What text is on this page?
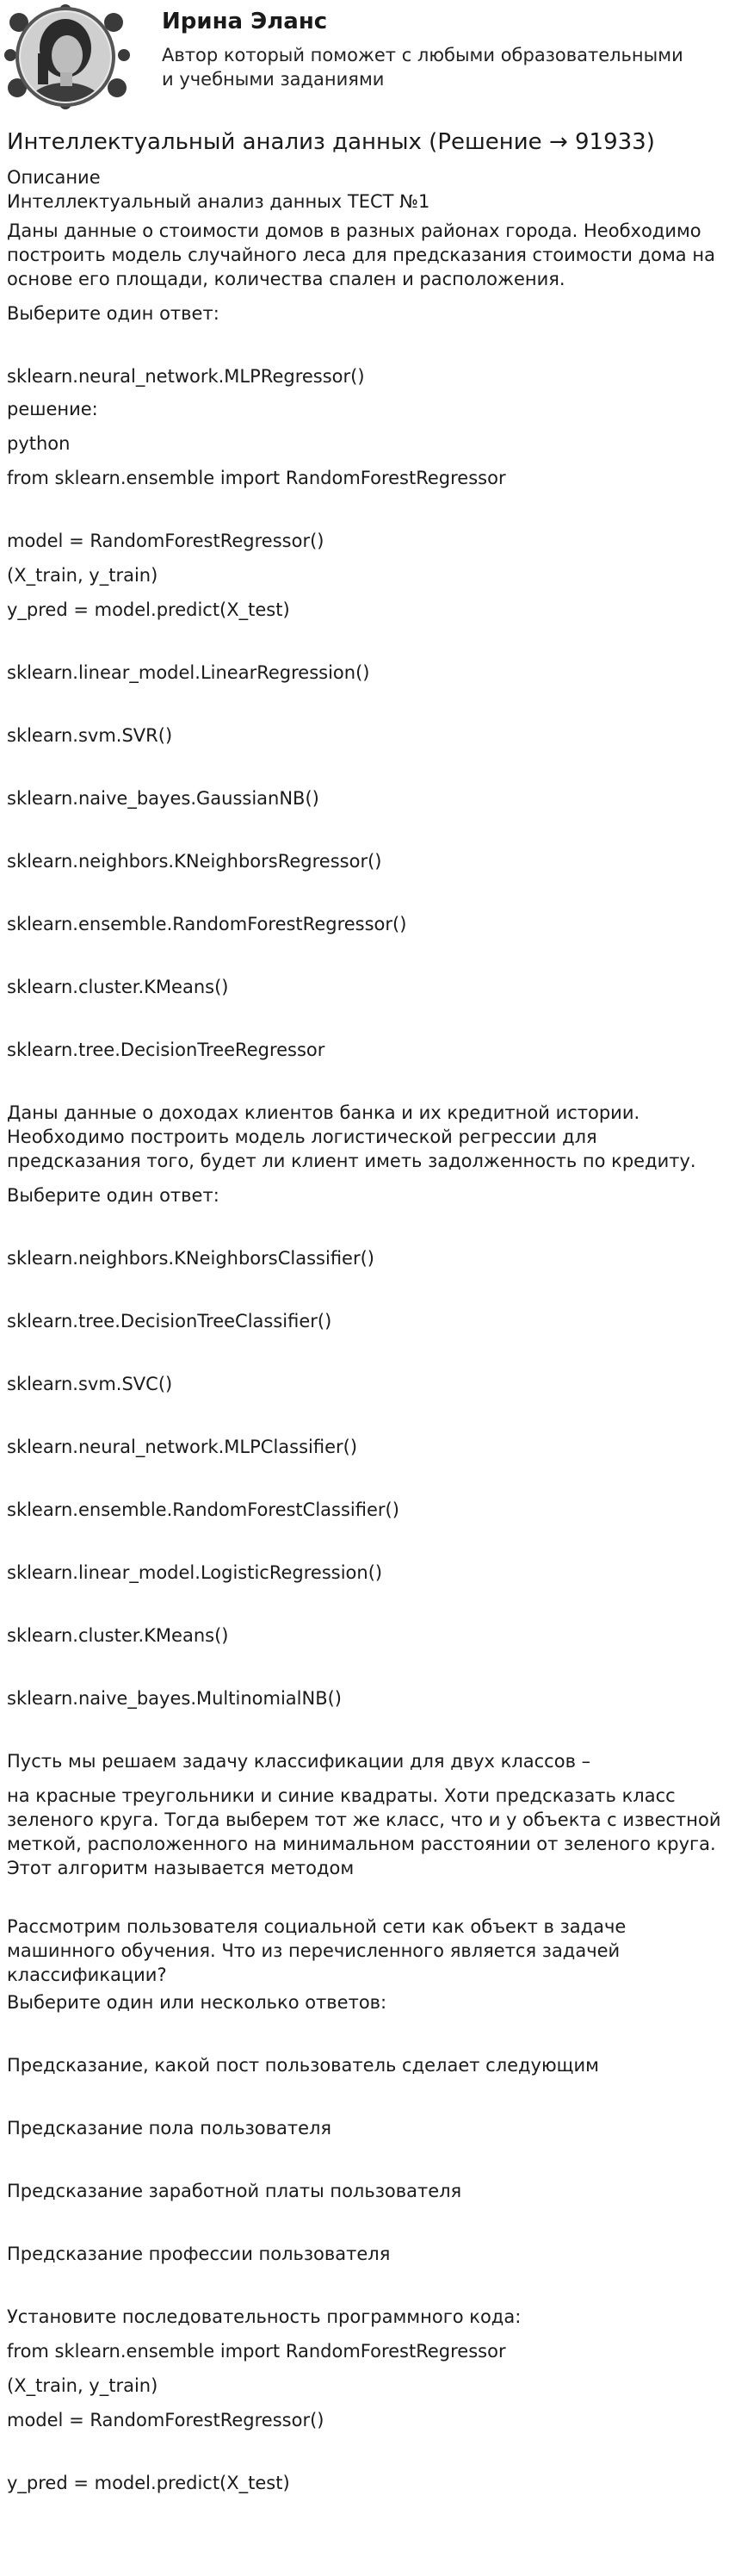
Ирина Эланс
Автор который поможет с любыми образовательными и учебными заданиями
Интеллектуальный анализ данных (Решение → 91933)
Описание
Интеллектуальный анализ данных ТЕСТ №1
Даны данные о стоимости домов в разных районах города. Необходимо построить модель случайного леса для предсказания стоимости дома на основе его площади, количества спален и расположения.
Выберите один ответ:
sklearn.neural_network.MLPRegressor()
решение:
python
from sklearn.ensemble import RandomForestRegressor
model = RandomForestRegressor()
(X_train, y_train)
y_pred = model.predict(X_test)
sklearn.linear_model.LinearRegression()
sklearn.svm.SVR()
sklearn.naive_bayes.GaussianNB()
sklearn.neighbors.KNeighborsRegressor()
sklearn.ensemble.RandomForestRegressor()
sklearn.cluster.KMeans()
sklearn.tree.DecisionTreeRegressor
Даны данные о доходах клиентов банка и их кредитной истории. Необходимо построить модель логистической регрессии для предсказания того, будет ли клиент иметь задолженность по кредиту.
Выберите один ответ:
sklearn.neighbors.KNeighborsClassifier()
sklearn.tree.DecisionTreeClassifier()
sklearn.svm.SVC()
sklearn.neural_network.MLPClassifier()
sklearn.ensemble.RandomForestClassifier()
sklearn.linear_model.LogisticRegression()
sklearn.cluster.KMeans()
sklearn.naive_bayes.MultinomialNB()
Пусть мы решаем задачу классификации для двух классов –
на красные треугольники и синие квадраты. Хоти предсказать класс зеленого круга. Тогда выберем тот же класс, что и у объекта с известной меткой, расположенного на минимальном расстоянии от зеленого круга. Этот алгоритм называется методом
Рассмотрим пользователя социальной сети как объект в задаче машинного обучения. Что из перечисленного является задачей классификации?
Выберите один или несколько ответов:
Предсказание, какой пост пользователь сделает следующим
Предсказание пола пользователя
Предсказание заработной платы пользователя
Предсказание профессии пользователя
Установите последовательность программного кода:
from sklearn.ensemble import RandomForestRegressor
(X_train, y_train)
model = RandomForestRegressor()
y_pred = model.predict(X_test)
